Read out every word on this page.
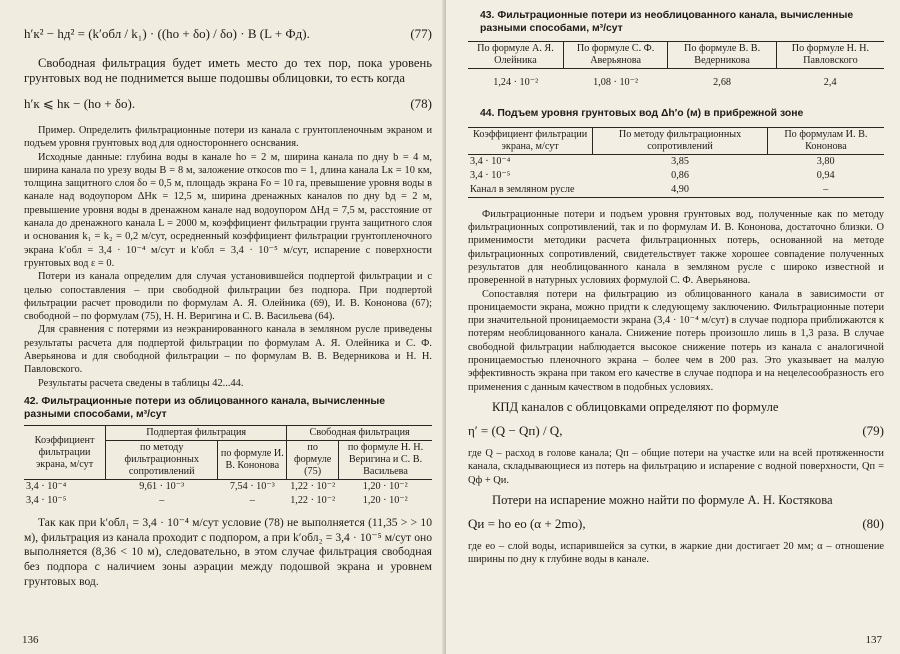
h′к² − hд² = (k′обл / k₁) · ((hо + δо) / δо) · B (L + Фд).	(77)

Свободная фильтрация будет иметь место до тех пор, пока уровень грунтовых вод не поднимется выше подошвы облицовки, то есть когда

h′к ⩽ hк − (hо + δо).	(78)

Пример. Определить фильтрационные потери из канала с грунтопленочным экраном и подъем уровня грунтовых вод для одностороннего оснсвания.

Исходные данные: глубина воды в канале hо = 2 м, ширина канала по дну b = 4 м, ширина канала по урезу воды B = 8 м, заложение откосов mо = 1, длина канала Lк = 10 км, толщина защитного слоя δо = 0,5 м, площадь экрана Fо = 10 га, превышение уровня воды в канале над водоупором ΔHк = 12,5 м, ширина дренажных каналов по дну bд = 2 м, превышение уровня воды в дренажном канале над водоупором ΔHд = 7,5 м, расстояние от канала до дренажного канала L = 2000 м, коэффициент фильтрации грунта защитного слоя и основания k₁ = k₂ = 0,2 м/сут, осредненный коэффициент фильтрации грунтопленочного экрана k′обл = 3,4 · 10⁻⁴ м/сут и k′обл = 3,4 · 10⁻⁵ м/сут, испарение с поверхности грунтовых вод ε = 0.

Потери из канала определим для случая установившейся подпертой фильтрации и с целью сопоставления – при свободной фильтрации без подпора. При подпертой фильтрации расчет проводили по формулам А. Я. Олейника (69), И. В. Кононова (67); свободной – по формулам (75), Н. Н. Веригина и С. В. Васильева (64).

Для сравнения с потерями из неэкранированного канала в земляном русле приведены результаты расчета для подпертой фильтрации по формулам А. Я. Олейника и С. Ф. Аверьянова и для свободной фильтрации – по формулам В. В. Ведерникова и Н. Н. Павловского.

Результаты расчета сведены в таблицы 42...44.

42. Фильтрационные потери из облицованного канала, вычисленные разными способами, м³/сут

Коэффициент фильтрации экрана, м/сут	Подпертая фильтрация		Свободная фильтрация	
	по методу фильтрационных сопротивлений	по формуле И. В. Кононова	по формуле (75)	по формуле Н. Н. Веригина и С. В. Васильева
3,4 · 10⁻⁴	9,61 · 10⁻³	7,54 · 10⁻³	1,22 · 10⁻²	1,20 · 10⁻²
3,4 · 10⁻⁵	–	–	1,22 · 10⁻²	1,20 · 10⁻²

Так как при k′обл₁ = 3,4 · 10⁻⁴ м/сут условие (78) не выполняется (11,35 > > 10 м), фильтрация из канала проходит с подпором, а при k′обл₂ = 3,4 · 10⁻⁵ м/сут оно выполняется (8,36 < 10 м), следовательно, в этом случае фильтрация свободная без подпора с наличием зоны аэрации между подошвой экрана и уровнем грунтовых вод.

136

43. Фильтрационные потери из необлицованного канала, вычисленные разными способами, м³/сут

По формуле А. Я. Олейника	По формуле С. Ф. Аверьянова	По формуле В. В. Ведерникова	По формуле Н. Н. Павловского
1,24 · 10⁻²	1,08 · 10⁻²	2,68	2,4

44. Подъем уровня грунтовых вод Δh′о (м) в прибрежной зоне

Коэффициент фильтрации экрана, м/сут	По методу фильтрационных сопротивлений	По формулам И. В. Кононова
3,4 · 10⁻⁴	3,85	3,80
3,4 · 10⁻⁵	0,86	0,94
Канал в земляном русле	4,90	–

Фильтрационные потери и подъем уровня грунтовых вод, полученные как по методу фильтрационных сопротивлений, так и по формулам И. В. Кононова, достаточно близки. О применимости методики расчета фильтрационных потерь, основанной на методе фильтрационных сопротивлений, свидетельствует также хорошее совпадение полученных результатов для необлицованного канала в земляном русле с широко известной и проверенной в натурных условиях формулой С. Ф. Аверьянова.

Сопоставляя потери на фильтрацию из облицованного канала в зависимости от проницаемости экрана, можно придти к следующему заключению. Фильтрационные потери при значительной проницаемости экрана (3,4 · 10⁻⁴ м/сут) в случае подпора приближаются к потерям необлицованного канала. Снижение потерь произошло лишь в 1,3 раза. В случае свободной фильтрации наблюдается высокое снижение потерь из канала с аналогичной проницаемостью пленочного экрана – более чем в 200 раз. Это указывает на малую эффективность экрана при таком его качестве в случае подпора и на нецелесообразность его применения с данным качеством в подобных условиях.

КПД каналов с облицовками определяют по формуле

η′ = (Q − Qп) / Q,	(79)

где Q – расход в голове канала; Qп – общие потери на участке или на всей протяженности канала, складывающиеся из потерь на фильтрацию и испарение с водной поверхности, Qп = Qф + Qи.

Потери на испарение можно найти по формуле А. Н. Костякова

Qи = hо eо (α + 2mо),	(80)

где eо – слой воды, испарившейся за сутки, в жаркие дни достигает 20 мм; α – отношение ширины по дну к глубине воды в канале.

137
